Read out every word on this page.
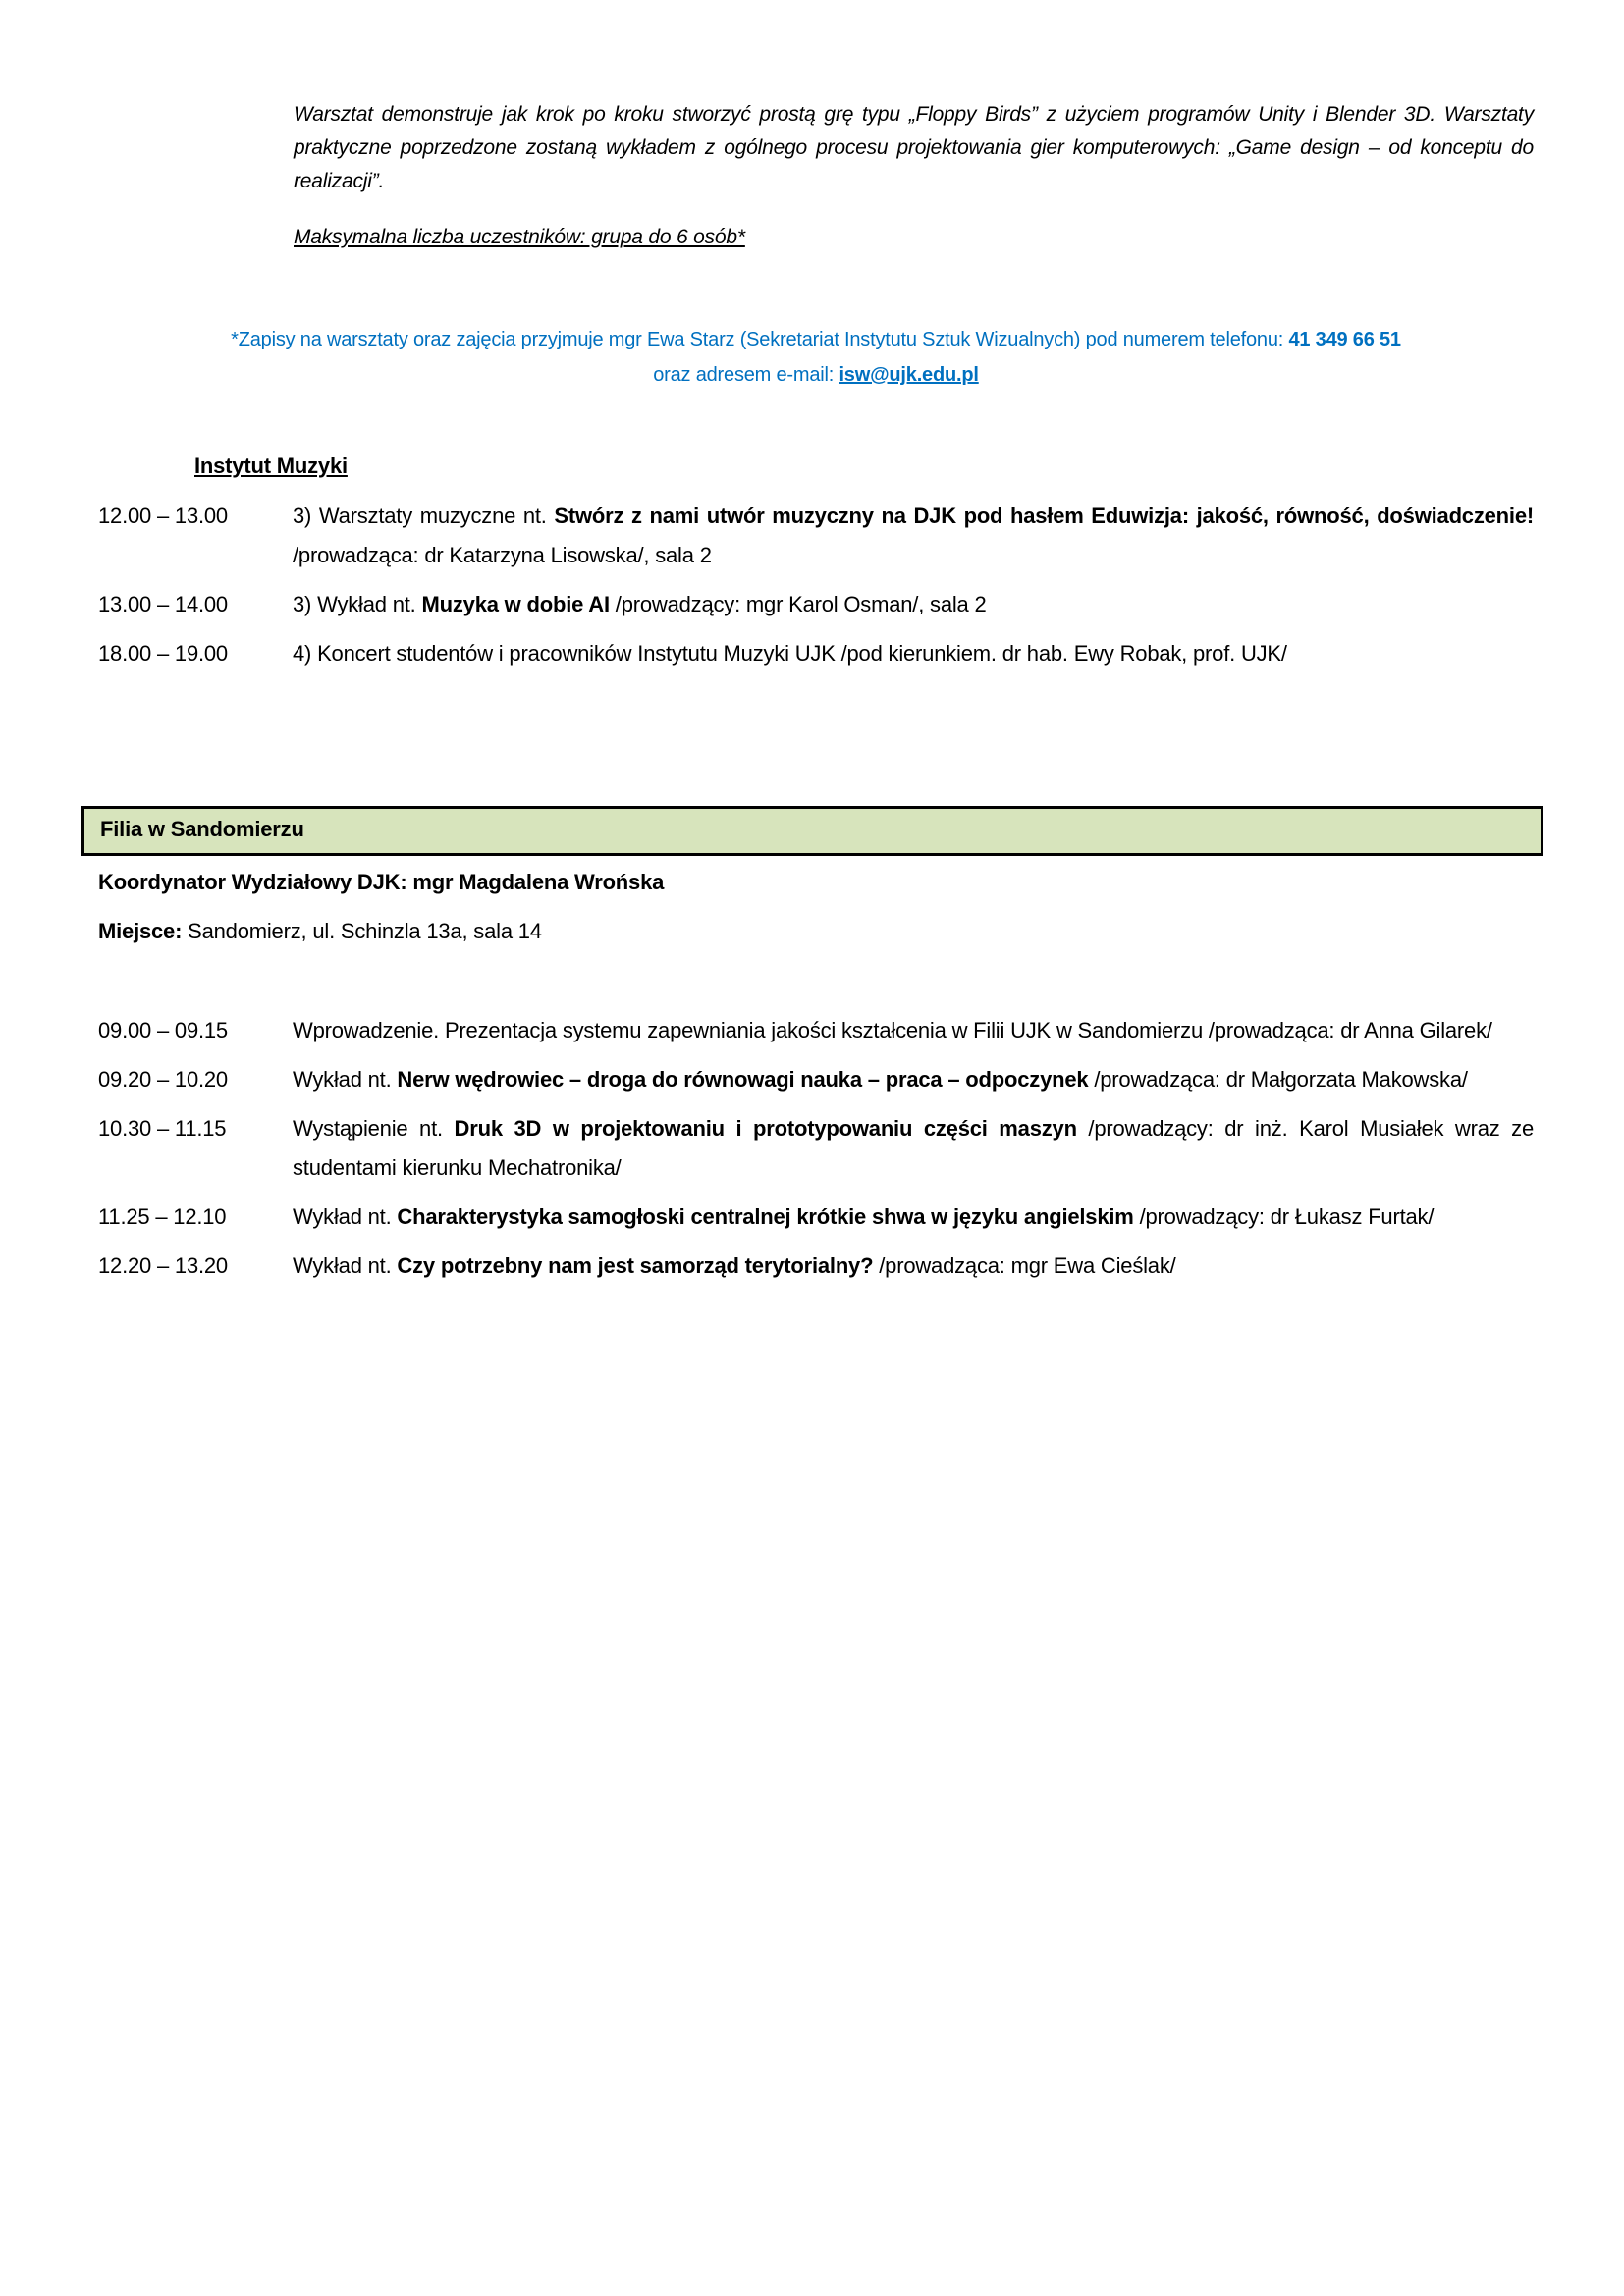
Warsztat demonstruje jak krok po kroku stworzyć prostą grę typu „Floppy Birds” z użyciem programów Unity i Blender 3D. Warsztaty praktyczne poprzedzone zostaną wykładem z ogólnego procesu projektowania gier komputerowych: „Game design – od konceptu do realizacji”.

Maksymalna liczba uczestników: grupa do 6 osób*
*Zapisy na warsztaty oraz zajęcia przyjmuje mgr Ewa Starz (Sekretariat Instytutu Sztuk Wizualnych) pod numerem telefonu: 41 349 66 51
oraz adresem e-mail: isw@ujk.edu.pl
Instytut Muzyki
12.00 – 13.00	3) Warsztaty muzyczne nt. Stwórz z nami utwór muzyczny na DJK pod hasłem Eduwizja: jakość, równość, doświadczenie! /prowadząca: dr Katarzyna Lisowska/, sala 2
13.00 – 14.00	3) Wykład nt. Muzyka w dobie AI /prowadzący: mgr Karol Osman/, sala 2
18.00 – 19.00	4) Koncert studentów i pracowników Instytutu Muzyki UJK /pod kierunkiem. dr hab. Ewy Robak, prof. UJK/
Filia w Sandomierzu
Koordynator Wydziałowy DJK: mgr Magdalena Wrońska
Miejsce: Sandomierz, ul. Schinzla 13a, sala 14
09.00 – 09.15	Wprowadzenie. Prezentacja systemu zapewniania jakości kształcenia w Filii UJK w Sandomierzu /prowadząca: dr Anna Gilarek/
09.20 – 10.20	Wykład nt. Nerw wędrowiec – droga do równowagi nauka – praca – odpoczynek /prowadząca: dr Małgorzata Makowska/
10.30 – 11.15	Wystąpienie nt. Druk 3D w projektowaniu i prototypowaniu części maszyn /prowadzący: dr inż. Karol Musiałek wraz ze studentami kierunku Mechatronika/
11.25 – 12.10	Wykład nt. Charakterystyka samogłoski centralnej krótkie shwa w języku angielskim /prowadzący: dr Łukasz Furtak/
12.20 – 13.20	Wykład nt. Czy potrzebny nam jest samorząd terytorialny? /prowadząca: mgr Ewa Cieślak/
